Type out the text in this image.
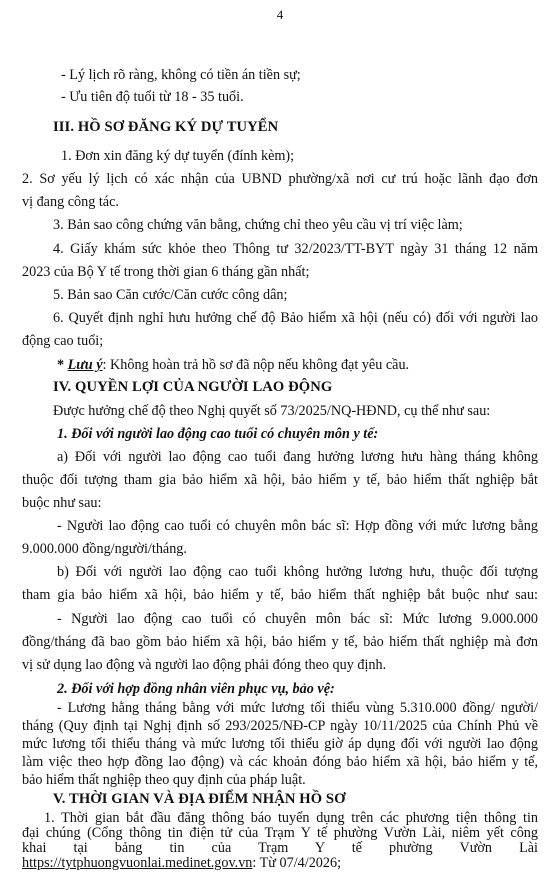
4
- Lý lịch rõ ràng, không có tiền án tiền sự;
- Ưu tiên độ tuổi từ 18 - 35 tuổi.
III. HỒ SƠ ĐĂNG KÝ DỰ TUYỂN
1. Đơn xin đăng ký dự tuyển (đính kèm);
2. Sơ yếu lý lịch có xác nhận của UBND phường/xã nơi cư trú hoặc lãnh đạo đơn
vị đang công tác.
3. Bản sao công chứng văn bằng, chứng chỉ theo yêu cầu vị trí việc làm;
4. Giấy khám sức khỏe theo Thông tư 32/2023/TT-BYT ngày 31 tháng 12 năm
2023 của Bộ Y tế trong thời gian 6 tháng gần nhất;
5. Bản sao Căn cước/Căn cước công dân;
6. Quyết định nghỉ hưu hưởng chế độ Bảo hiểm xã hội (nếu có) đối với người lao
động cao tuổi;
* Lưu ý: Không hoàn trả hồ sơ đã nộp nếu không đạt yêu cầu.
IV. QUYỀN LỢI CỦA NGƯỜI LAO ĐỘNG
Được hưởng chế độ theo Nghị quyết số 73/2025/NQ-HĐND, cụ thể như sau:
1. Đối với người lao động cao tuổi có chuyên môn y tế:
a) Đối với người lao động cao tuổi đang hưởng lương hưu hàng tháng không
thuộc đối tượng tham gia bảo hiểm xã hội, bảo hiểm y tế, bảo hiểm thất nghiệp bắt
buộc như sau:
- Người lao động cao tuổi có chuyên môn bác sĩ: Hợp đồng với mức lương bằng
9.000.000 đồng/người/tháng.
b) Đối với người lao động cao tuổi không hưởng lương hưu, thuộc đối tượng
tham gia bảo hiểm xã hội, bảo hiểm y tế, bảo hiểm thất nghiệp bắt buộc như sau:
- Người lao động cao tuổi có chuyên môn bác sĩ: Mức lương 9.000.000
đồng/tháng đã bao gồm bảo hiểm xã hội, bảo hiểm y tế, bảo hiểm thất nghiệp mà đơn
vị sử dụng lao động và người lao động phải đóng theo quy định.
2. Đối với hợp đồng nhân viên phục vụ, bảo vệ:
- Lương hằng tháng bằng với mức lương tối thiểu vùng 5.310.000 đồng/ người/
tháng (Quy định tại Nghị định số 293/2025/NĐ-CP ngày 10/11/2025 của Chính Phủ về
mức lương tối thiểu tháng và mức lương tối thiểu giờ áp dụng đối với người lao động
làm việc theo hợp đồng lao động) và các khoản đóng bảo hiểm xã hội, bảo hiểm y tế,
bảo hiểm thất nghiệp theo quy định của pháp luật.
V. THỜI GIAN VÀ ĐỊA ĐIỂM NHẬN HỒ SƠ
1. Thời gian bắt đầu đăng thông báo tuyển dụng trên các phương tiện thông tin
đại chúng (Cổng thông tin điện tử của Trạm Y tế phường Vườn Lài, niêm yết công
khai tại bảng tin của Trạm Y tế phường Vườn Lài
https://tytphuongvuonlai.medinet.gov.vn: Từ 07/4/2026;
